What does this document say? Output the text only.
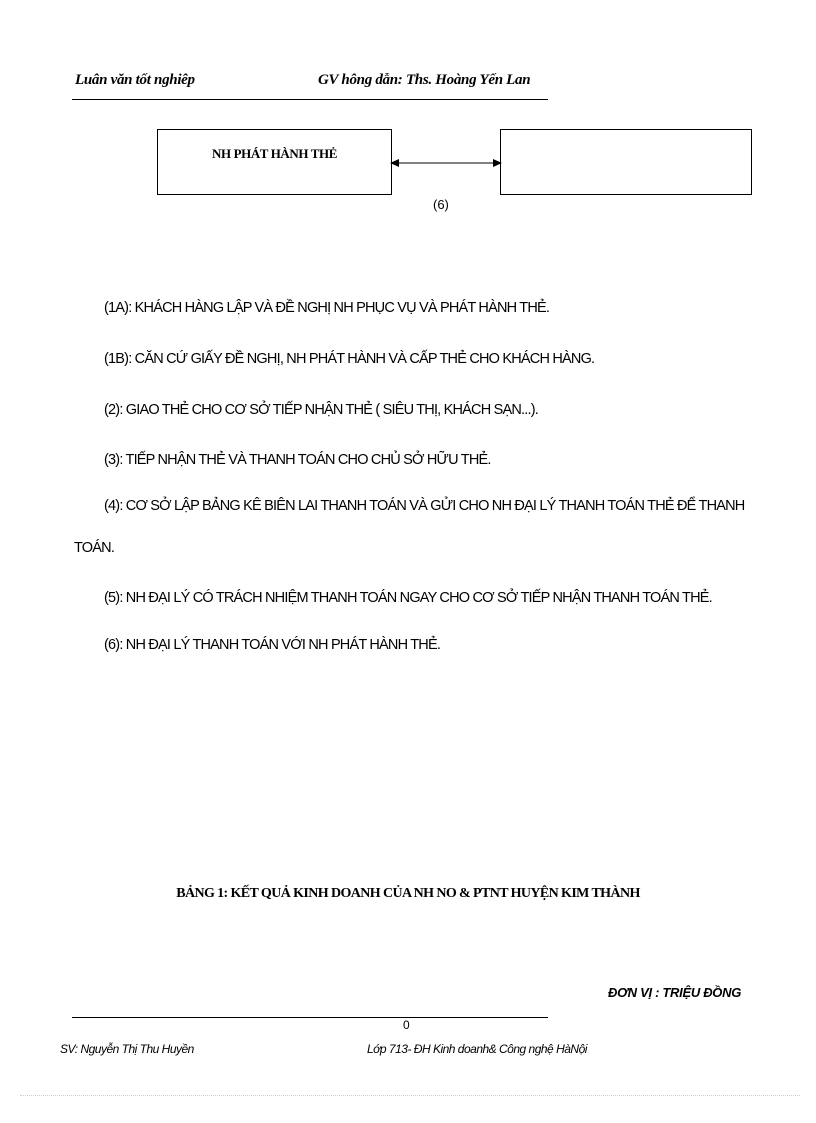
Luân văn tốt nghiêp	GV hông dẫn: Ths. Hoàng Yến Lan
NH PHÁT HÀNH THẺ
(6)
(1A): KHÁCH HÀNG LẬP VÀ ĐỀ NGHỊ NH PHỤC VỤ VÀ PHÁT HÀNH THẺ.
(1B): CĂN CỨ GIẤY ĐỀ NGHỊ, NH PHÁT HÀNH VÀ CẤP THẺ CHO KHÁCH HÀNG.
(2): GIAO THẺ CHO CƠ SỞ TIẾP NHẬN THẺ ( SIÊU THỊ, KHÁCH SẠN...).
(3): TIẾP NHẬN THẺ VÀ THANH TOÁN CHO CHỦ SỞ HỮU THẺ.
(4): CƠ SỞ LẬP BẢNG KÊ BIÊN LAI THANH TOÁN VÀ GỬI CHO NH ĐẠI LÝ THANH TOÁN THẺ ĐỂ THANH
TOÁN.
(5): NH ĐẠI LÝ CÓ TRÁCH NHIỆM THANH TOÁN NGAY CHO CƠ SỞ TIẾP NHẬN THANH TOÁN THẺ.
(6): NH ĐẠI LÝ THANH TOÁN VỚI NH PHÁT HÀNH THẺ.
BẢNG 1: KẾT QUẢ KINH DOANH CỦA NH NO & PTNT HUYỆN KIM THÀNH
ĐƠN VỊ : TRIỆU ĐỒNG
0
SV: Nguyễn Thị Thu Huyền	Lớp 713- ĐH Kinh doanh& Công nghệ HàNội
